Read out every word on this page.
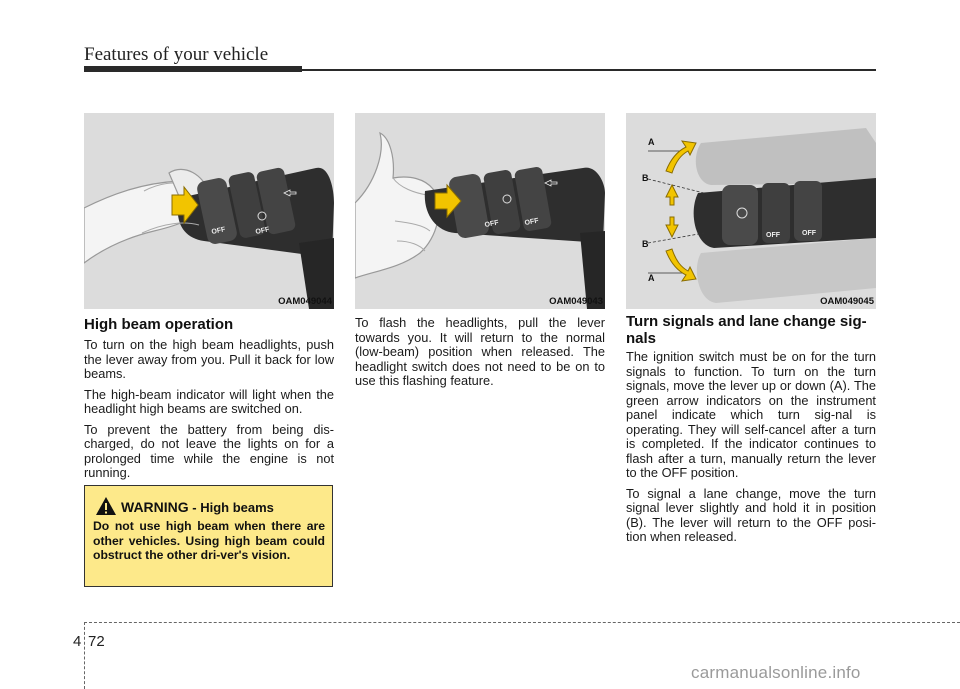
Features of your vehicle
OFF	OFF
OAM049044
OFF	OFF
OAM049043
OFF	OFF
A
B
B
A
OAM049045
High beam operation

To turn on the high beam headlights, push the lever away from you. Pull it back for low beams.

The high-beam indicator will light when the headlight high beams are switched on.

To prevent the battery from being dis-charged, do not leave the lights on for a prolonged time while the engine is not running.

WARNING - High beams
Do not use high beam when there are other vehicles. Using high beam could obstruct the other dri-ver's vision.

To flash the headlights, pull the lever towards you. It will return to the normal (low-beam) position when released. The headlight switch does not need to be on to use this flashing feature.

Turn signals and lane change sig-nals

The ignition switch must be on for the turn signals to function. To turn on the turn signals, move the lever up or down (A). The green arrow indicators on the instrument panel indicate which turn sig-nal is operating. They will self-cancel after a turn is completed. If the indicator continues to flash after a turn, manually return the lever to the OFF position.

To signal a lane change, move the turn signal lever slightly and hold it in position (B). The lever will return to the OFF posi-tion when released.

4 72
carmanualsonline.info
